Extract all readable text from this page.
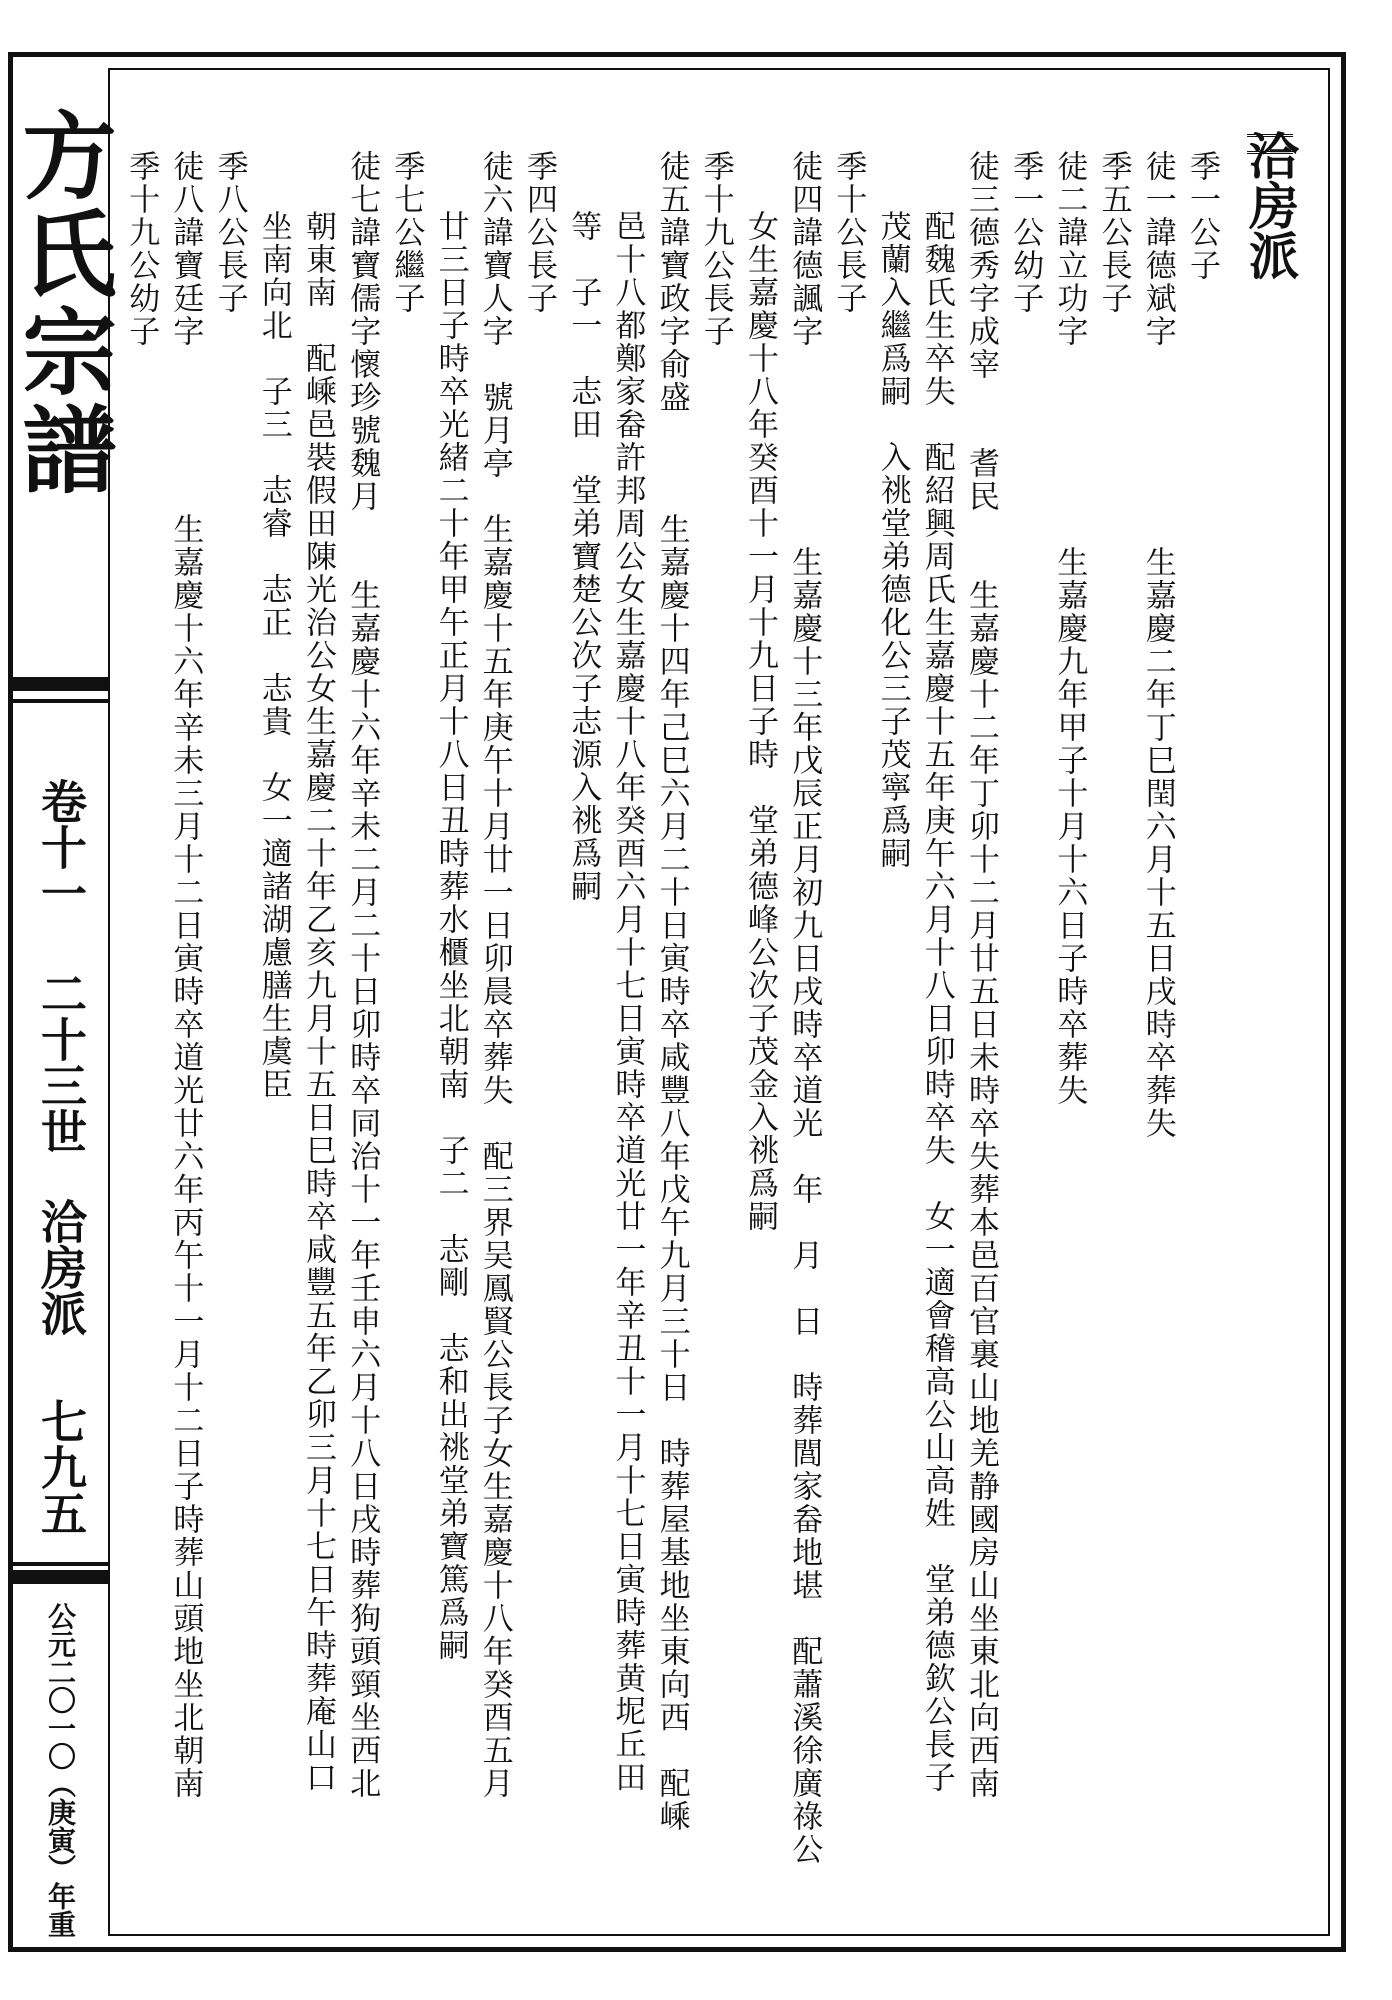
方氏宗譜
卷十一
二十三世
洽房派
七九五
公元二〇一〇（庚寅）年重
洽房派
季一公子
徒一諱德斌字　　　　　　生嘉慶二年丁巳閏六月十五日戌時卒葬失
季五公長子
徒二諱立功字　　　　　　生嘉慶九年甲子十月十六日子時卒葬失
季一公幼子
徒三德秀字成宰　　耆民　　生嘉慶十二年丁卯十二月廿五日未時卒失葬本邑百官裏山地羌静國房山坐東北向西南
配魏氏生卒失　配紹興周氏生嘉慶十五年庚午六月十八日卯時卒失　女一適會稽高公山高姓　堂弟德欽公長子
茂蘭入繼爲嗣　入祧堂弟德化公三子茂寧爲嗣
季十公長子
徒四諱德諷字　　　　　　生嘉慶十三年戊辰正月初九日戌時卒道光　年　月　日　時葬閭家畚地堪　配蕭溪徐廣祿公
女生嘉慶十八年癸酉十一月十九日子時　堂弟德峰公次子茂金入祧爲嗣
季十九公長子
徒五諱寶政字俞盛　　　生嘉慶十四年己巳六月二十日寅時卒咸豐八年戊午九月三十日　時葬屋基地坐東向西　配嵊
邑十八都鄭家畚許邦周公女生嘉慶十八年癸酉六月十七日寅時卒道光廿一年辛丑十一月十七日寅時葬黄坭丘田
等　子一　志田　堂弟寶楚公次子志源入祧爲嗣
季四公長子
徒六諱寶人字　號月亭　生嘉慶十五年庚午十月廿一日卯晨卒葬失　配三界吴鳳賢公長子女生嘉慶十八年癸酉五月
廿三日子時卒光緒二十年甲午正月十八日丑時葬水櫃坐北朝南　子二　志剛　志和出祧堂弟寶篤爲嗣
季七公繼子
徒七諱寶儒字懷珍號魏月　　生嘉慶十六年辛未二月二十日卯時卒同治十一年壬申六月十八日戌時葬狗頭頸坐西北
朝東南　配嵊邑裝假田陳光治公女生嘉慶二十年乙亥九月十五日巳時卒咸豐五年乙卯三月十七日午時葬庵山口
坐南向北　子三　志睿　志正　志貴　女一適諸湖慮膳生虞臣
季八公長子
徒八諱寶廷字　　　　　生嘉慶十六年辛未三月十二日寅時卒道光廿六年丙午十一月十二日子時葬山頭地坐北朝南
季十九公幼子
